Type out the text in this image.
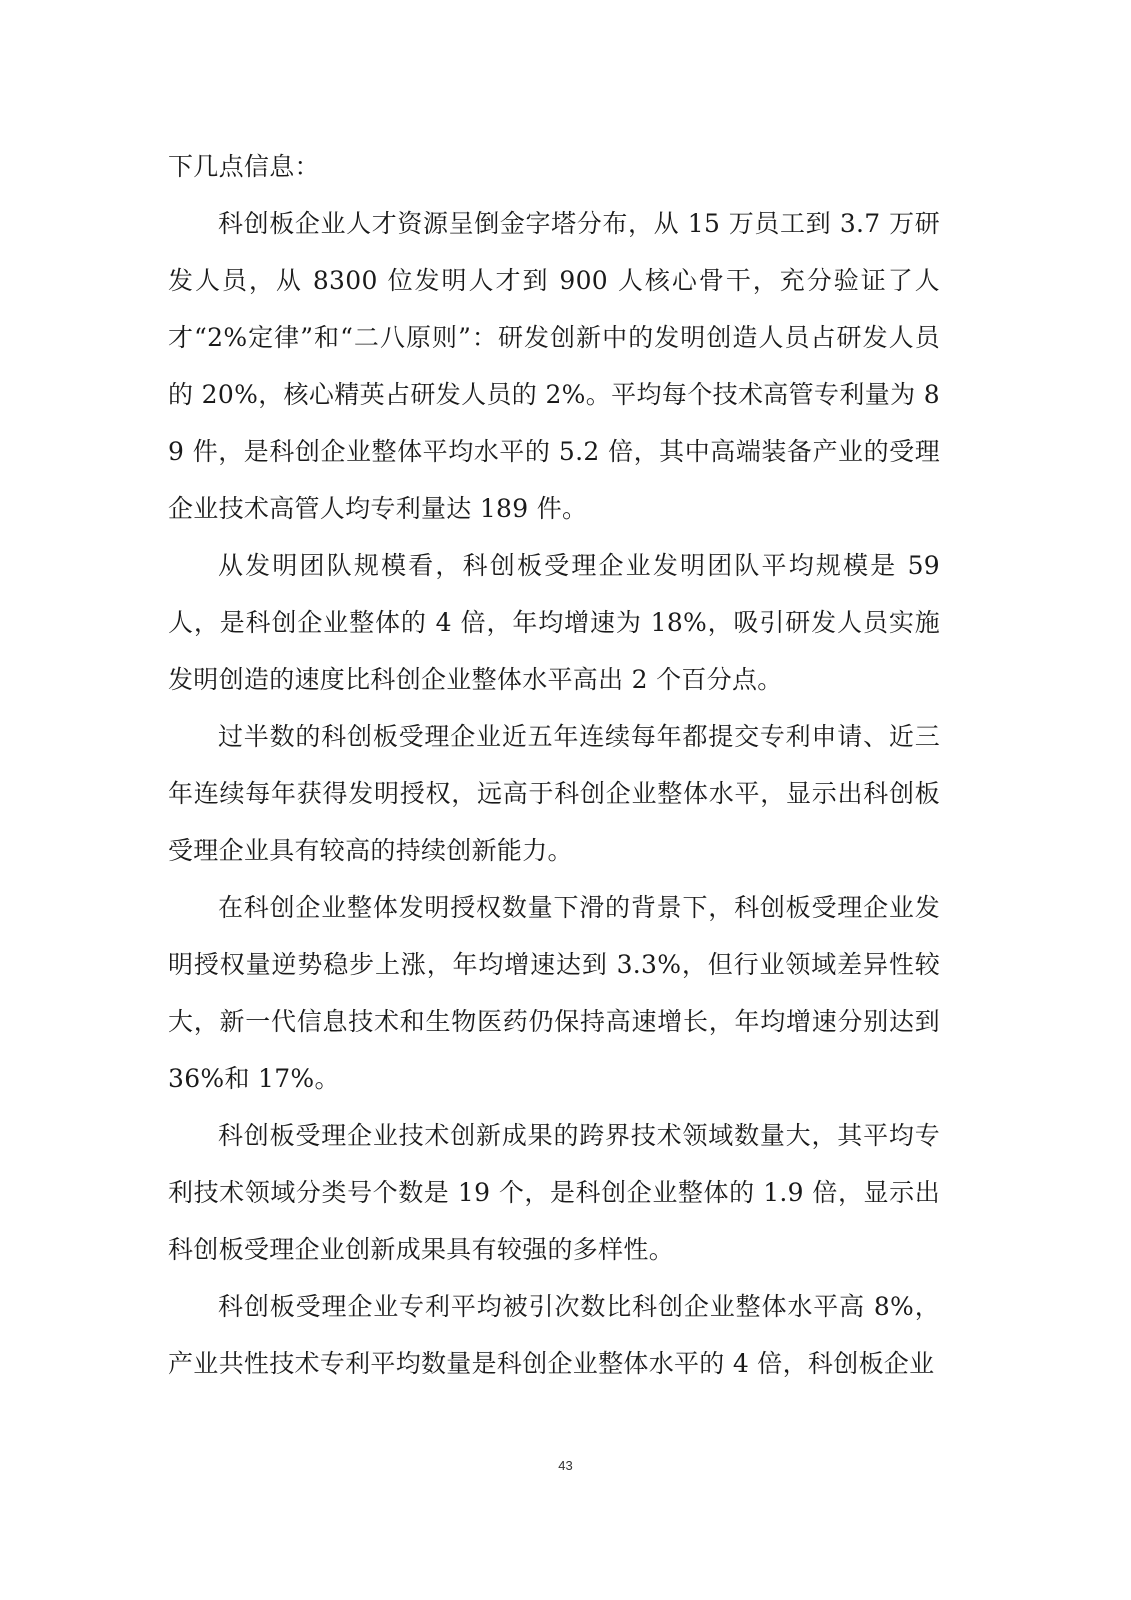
下几点信息：

科创板企业人才资源呈倒金字塔分布，从 15 万员工到 3.7 万研发人员，从 8300 位发明人才到 900 人核心骨干，充分验证了人才“2%定律”和“二八原则”：研发创新中的发明创造人员占研发人员的 20%，核心精英占研发人员的 2%。平均每个技术高管专利量为 89 件，是科创企业整体平均水平的 5.2 倍，其中高端装备产业的受理企业技术高管人均专利量达 189 件。

从发明团队规模看，科创板受理企业发明团队平均规模是 59 人，是科创企业整体的 4 倍，年均增速为 18%，吸引研发人员实施发明创造的速度比科创企业整体水平高出 2 个百分点。

过半数的科创板受理企业近五年连续每年都提交专利申请、近三年连续每年获得发明授权，远高于科创企业整体水平，显示出科创板受理企业具有较高的持续创新能力。

在科创企业整体发明授权数量下滑的背景下，科创板受理企业发明授权量逆势稳步上涨，年均增速达到 3.3%，但行业领域差异性较大，新一代信息技术和生物医药仍保持高速增长，年均增速分别达到 36%和 17%。

科创板受理企业技术创新成果的跨界技术领域数量大，其平均专利技术领域分类号个数是 19 个，是科创企业整体的 1.9 倍，显示出科创板受理企业创新成果具有较强的多样性。

科创板受理企业专利平均被引次数比科创企业整体水平高 8%，产业共性技术专利平均数量是科创企业整体水平的 4 倍，科创板企业

43
